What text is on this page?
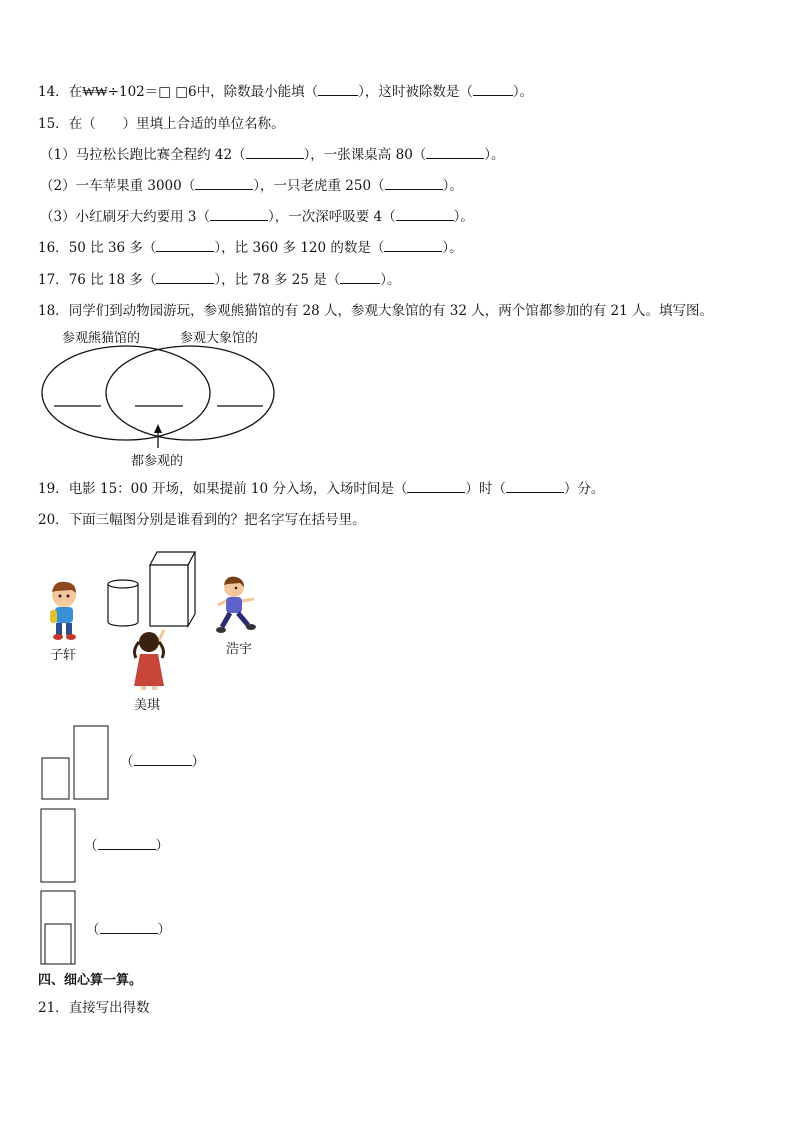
14．在₩₩÷102＝□ □6中，除数最小能填（	），这时被除数是（	）。
15．在（　　）里填上合适的单位名称。
（1）马拉松长跑比赛全程约 42（	），一张课桌高 80（	）。
（2）一车苹果重 3000（	），一只老虎重 250（	）。
（3）小红刷牙大约要用 3（	），一次深呼吸要 4（	）。
16．50 比 36 多（	），比 360 多 120 的数是（	）。
17．76 比 18 多（	），比 78 多 25 是（	）。
18．同学们到动物园游玩，参观熊猫馆的有 28 人，参观大象馆的有 32 人，两个馆都参加的有 21 人。填写图。
参观熊猫馆的	参观大象馆的
都参观的
19．电影 15：00 开场，如果提前 10 分入场，入场时间是（	）时（	）分。
20．下面三幅图分别是谁看到的？把名字写在括号里。
子轩	浩宇
美琪
（	）
（	）
（	）
四、细心算一算。
21．直接写出得数
